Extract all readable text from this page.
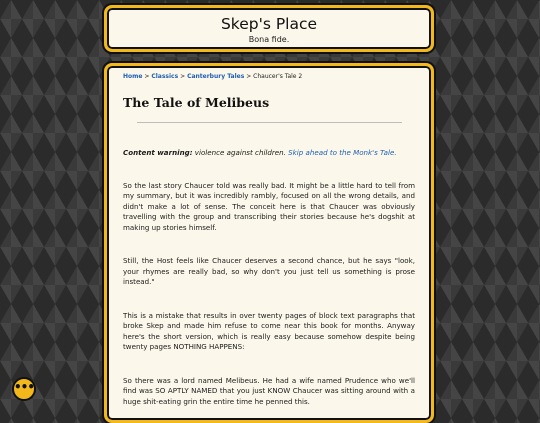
Skep's Place
Bona fide.
Home > Classics > Canterbury Tales > Chaucer's Tale 2
The Tale of Melibeus

Content warning: violence against children. Skip ahead to the Monk's Tale.

So the last story Chaucer told was really bad. It might be a little hard to tell from my summary, but it was incredibly rambly, focused on all the wrong details, and didn't make a lot of sense. The conceit here is that Chaucer was obviously travelling with the group and transcribing their stories because he's dogshit at making up stories himself.

Still, the Host feels like Chaucer deserves a second chance, but he says "look, your rhymes are really bad, so why don't you just tell us something is prose instead."

This is a mistake that results in over twenty pages of block text paragraphs that broke Skep and made him refuse to come near this book for months. Anyway here's the short version, which is really easy because somehow despite being twenty pages NOTHING HAPPENS:

So there was a lord named Melibeus. He had a wife named Prudence who we'll find was SO APTLY NAMED that you just KNOW Chaucer was sitting around with a huge shit-eating grin the entire time he penned this.

•••
